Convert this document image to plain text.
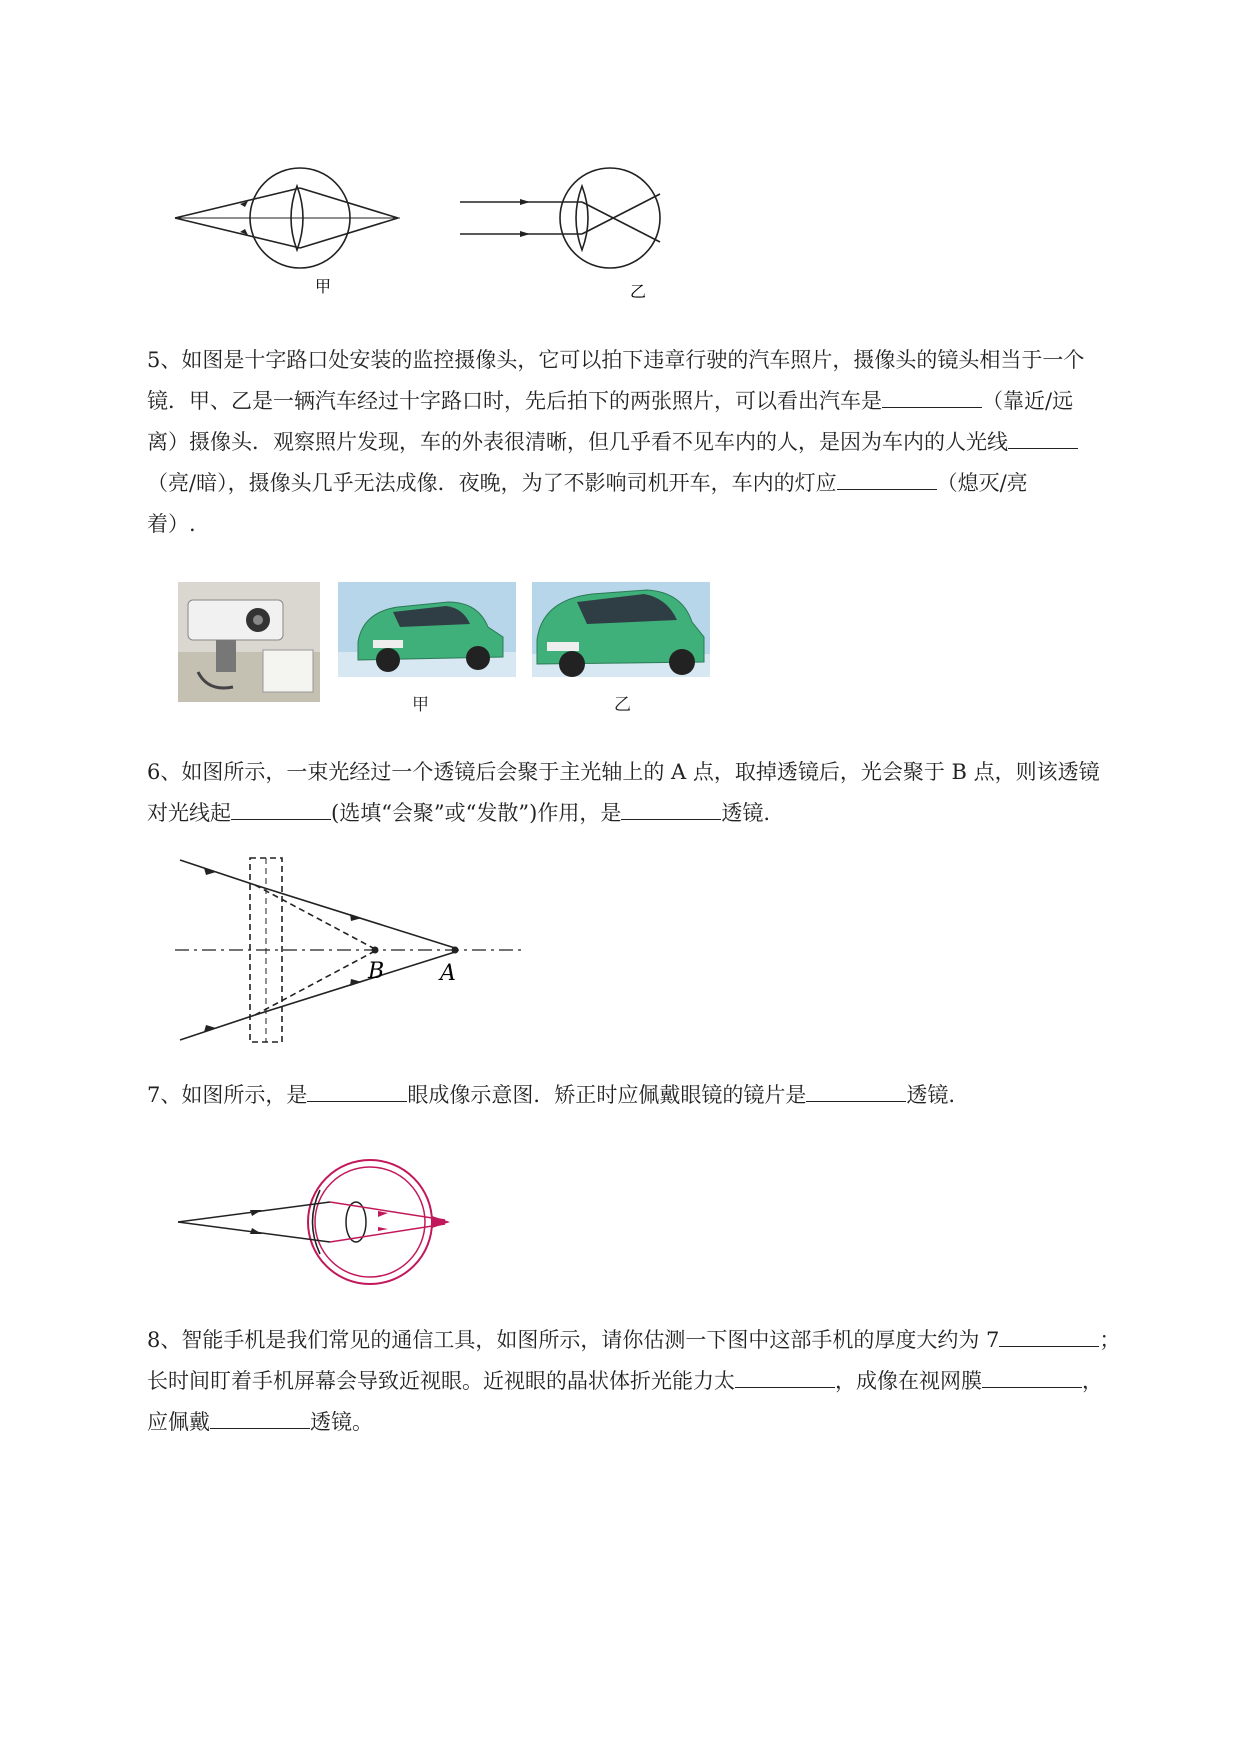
甲	乙
5、如图是十字路口处安装的监控摄像头，它可以拍下违章行驶的汽车照片，摄像头的镜头相当于一个
镜．甲、乙是一辆汽车经过十字路口时，先后拍下的两张照片，可以看出汽车是	（靠近/远
离）摄像头．观察照片发现，车的外表很清晰，但几乎看不见车内的人，是因为车内的人光线
（亮/暗），摄像头几乎无法成像．夜晚，为了不影响司机开车，车内的灯应	（熄灭/亮
着）.
甲	乙
6、如图所示，一束光经过一个透镜后会聚于主光轴上的 A 点，取掉透镜后，光会聚于 B 点，则该透镜
对光线起	(选填“会聚”或“发散”)作用，是	透镜.
B	A
7、如图所示，是	眼成像示意图．矫正时应佩戴眼镜的镜片是	透镜.
8、智能手机是我们常见的通信工具，如图所示，请你估测一下图中这部手机的厚度大约为 7	；
长时间盯着手机屏幕会导致近视眼。近视眼的晶状体折光能力太	，成像在视网膜	，
应佩戴	透镜。
